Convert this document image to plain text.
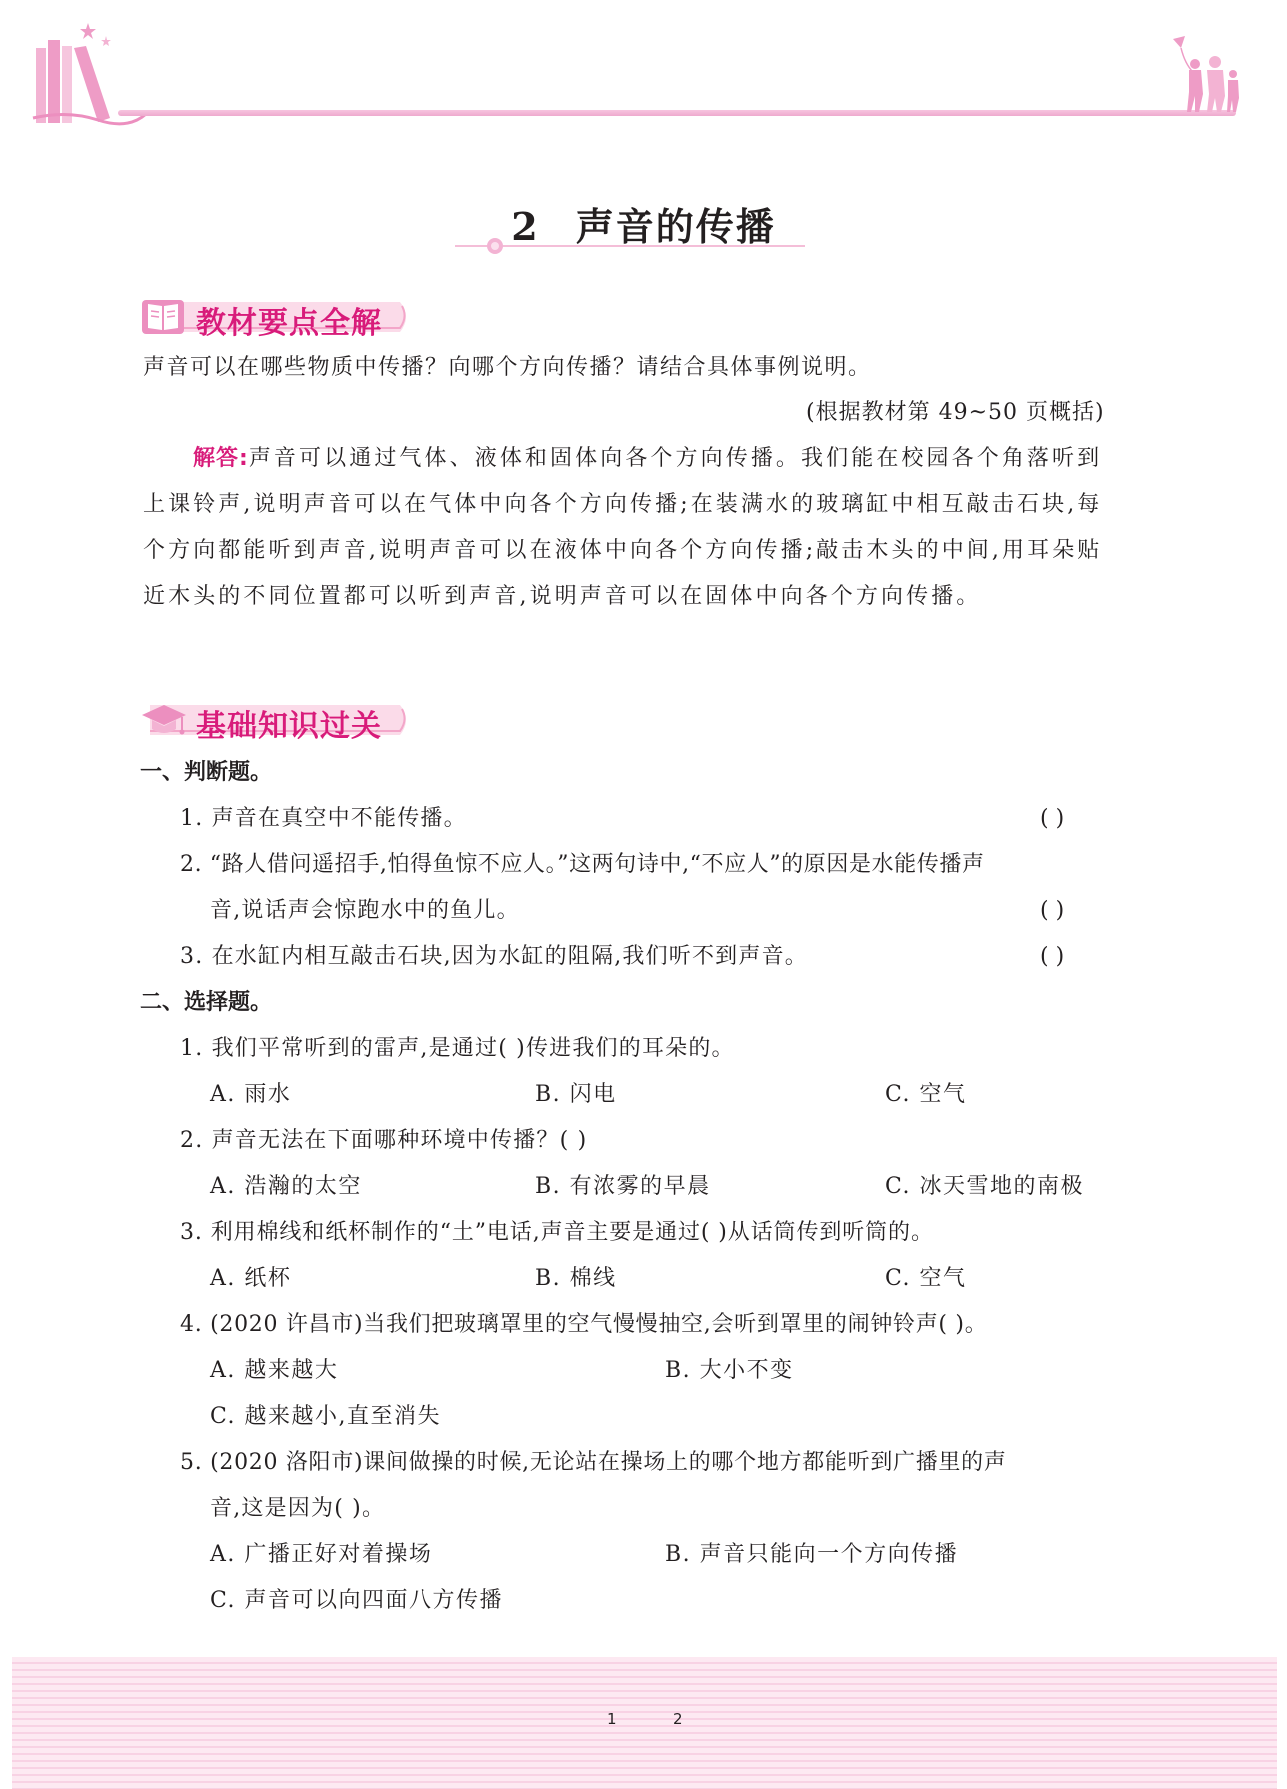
2 声音的传播
教材要点全解
声音可以在哪些物质中传播？向哪个方向传播？请结合具体事例说明。
(根据教材第 49~50 页概括)
解答:声音可以通过气体、液体和固体向各个方向传播。我们能在校园各个角落听到上课铃声,说明声音可以在气体中向各个方向传播;在装满水的玻璃缸中相互敲击石块,每个方向都能听到声音,说明声音可以在液体中向各个方向传播;敲击木头的中间,用耳朵贴近木头的不同位置都可以听到声音,说明声音可以在固体中向各个方向传播。
基础知识过关
一、判断题。
1. 声音在真空中不能传播。	( )
2. “路人借问遥招手,怕得鱼惊不应人。”这两句诗中,“不应人”的原因是水能传播声
音,说话声会惊跑水中的鱼儿。	( )
3. 在水缸内相互敲击石块,因为水缸的阻隔,我们听不到声音。	( )
二、选择题。
1. 我们平常听到的雷声,是通过( )传进我们的耳朵的。
A. 雨水	B. 闪电	C. 空气
2. 声音无法在下面哪种环境中传播？( )
A. 浩瀚的太空	B. 有浓雾的早晨	C. 冰天雪地的南极
3. 利用棉线和纸杯制作的“土”电话,声音主要是通过( )从话筒传到听筒的。
A. 纸杯	B. 棉线	C. 空气
4. (2020 许昌市)当我们把玻璃罩里的空气慢慢抽空,会听到罩里的闹钟铃声( )。
A. 越来越大	B. 大小不变
C. 越来越小,直至消失
5. (2020 洛阳市)课间做操的时候,无论站在操场上的哪个地方都能听到广播里的声
音,这是因为( )。
A. 广播正好对着操场	B. 声音只能向一个方向传播
C. 声音可以向四面八方传播
1	2
